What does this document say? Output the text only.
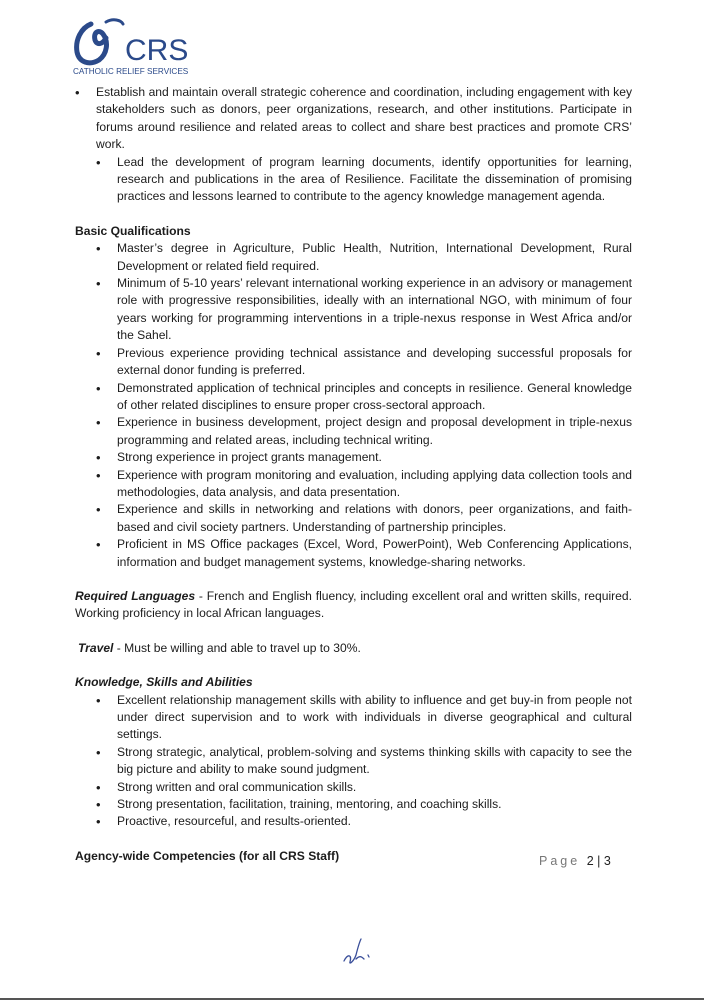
CRS
CATHOLIC RELIEF SERVICES
• Establish and maintain overall strategic coherence and coordination, including engagement with key stakeholders such as donors, peer organizations, research, and other institutions. Participate in forums around resilience and related areas to collect and share best practices and promote CRS’ work.
• Lead the development of program learning documents, identify opportunities for learning, research and publications in the area of Resilience. Facilitate the dissemination of promising practices and lessons learned to contribute to the agency knowledge management agenda.

Basic Qualifications

• Master’s degree in Agriculture, Public Health, Nutrition, International Development, Rural Development or related field required.
• Minimum of 5-10 years’ relevant international working experience in an advisory or management role with progressive responsibilities, ideally with an international NGO, with minimum of four years working for programming interventions in a triple-nexus response in West Africa and/or the Sahel.
• Previous experience providing technical assistance and developing successful proposals for external donor funding is preferred.
• Demonstrated application of technical principles and concepts in resilience. General knowledge of other related disciplines to ensure proper cross-sectoral approach.
• Experience in business development, project design and proposal development in triple-nexus programming and related areas, including technical writing.
• Strong experience in project grants management.
• Experience with program monitoring and evaluation, including applying data collection tools and methodologies, data analysis, and data presentation.
• Experience and skills in networking and relations with donors, peer organizations, and faith-based and civil society partners. Understanding of partnership principles.
• Proficient in MS Office packages (Excel, Word, PowerPoint), Web Conferencing Applications, information and budget management systems, knowledge-sharing networks.

Required Languages - French and English fluency, including excellent oral and written skills, required. Working proficiency in local African languages.

Travel - Must be willing and able to travel up to 30%.

Knowledge, Skills and Abilities

• Excellent relationship management skills with ability to influence and get buy-in from people not under direct supervision and to work with individuals in diverse geographical and cultural settings.
• Strong strategic, analytical, problem-solving and systems thinking skills with capacity to see the big picture and ability to make sound judgment.
• Strong written and oral communication skills.
• Strong presentation, facilitation, training, mentoring, and coaching skills.
• Proactive, resourceful, and results-oriented.

Agency-wide Competencies (for all CRS Staff)	Page 2 | 3
